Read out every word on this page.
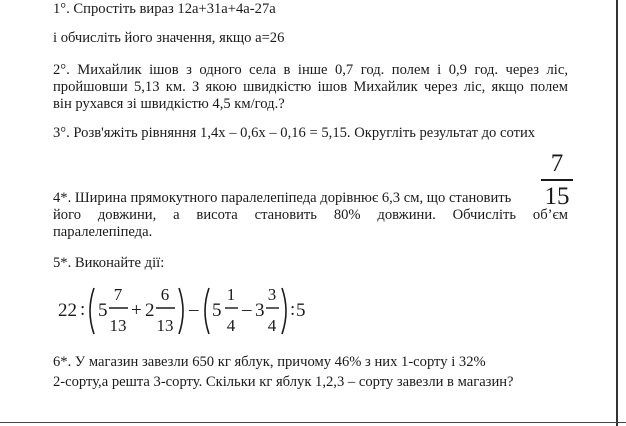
1°. Спростіть вираз 12a+31a+4a-27a
і обчисліть його значення, якщо a=26
2°. Михайлик ішов з одного села в інше 0,7 год. полем і 0,9 год. через ліс,
пройшовши 5,13 км. З якою швидкістю ішов Михайлик через ліс, якщо полем
він рухався зі швидкістю 4,5 км/год.?
3°. Розв'яжіть рівняння 1,4x – 0,6x – 0,16 = 5,15. Округліть результат до сотих
4*. Ширина прямокутного паралелепіпеда дорівнює 6,3 см, що становить
7
15
його довжини, а висота становить 80% довжини. Обчисліть об’єм
паралелепіпеда.
5*. Виконайте дії:
22 : 5
7
13
+ 2
6
13
– 5
1
4
– 3
3
4
: 5
6*. У магазин завезли 650 кг яблук, причому 46% з них 1-сорту і 32%
2-сорту,а решта 3-сорту. Скільки кг яблук 1,2,3 – сорту завезли в магазин?
